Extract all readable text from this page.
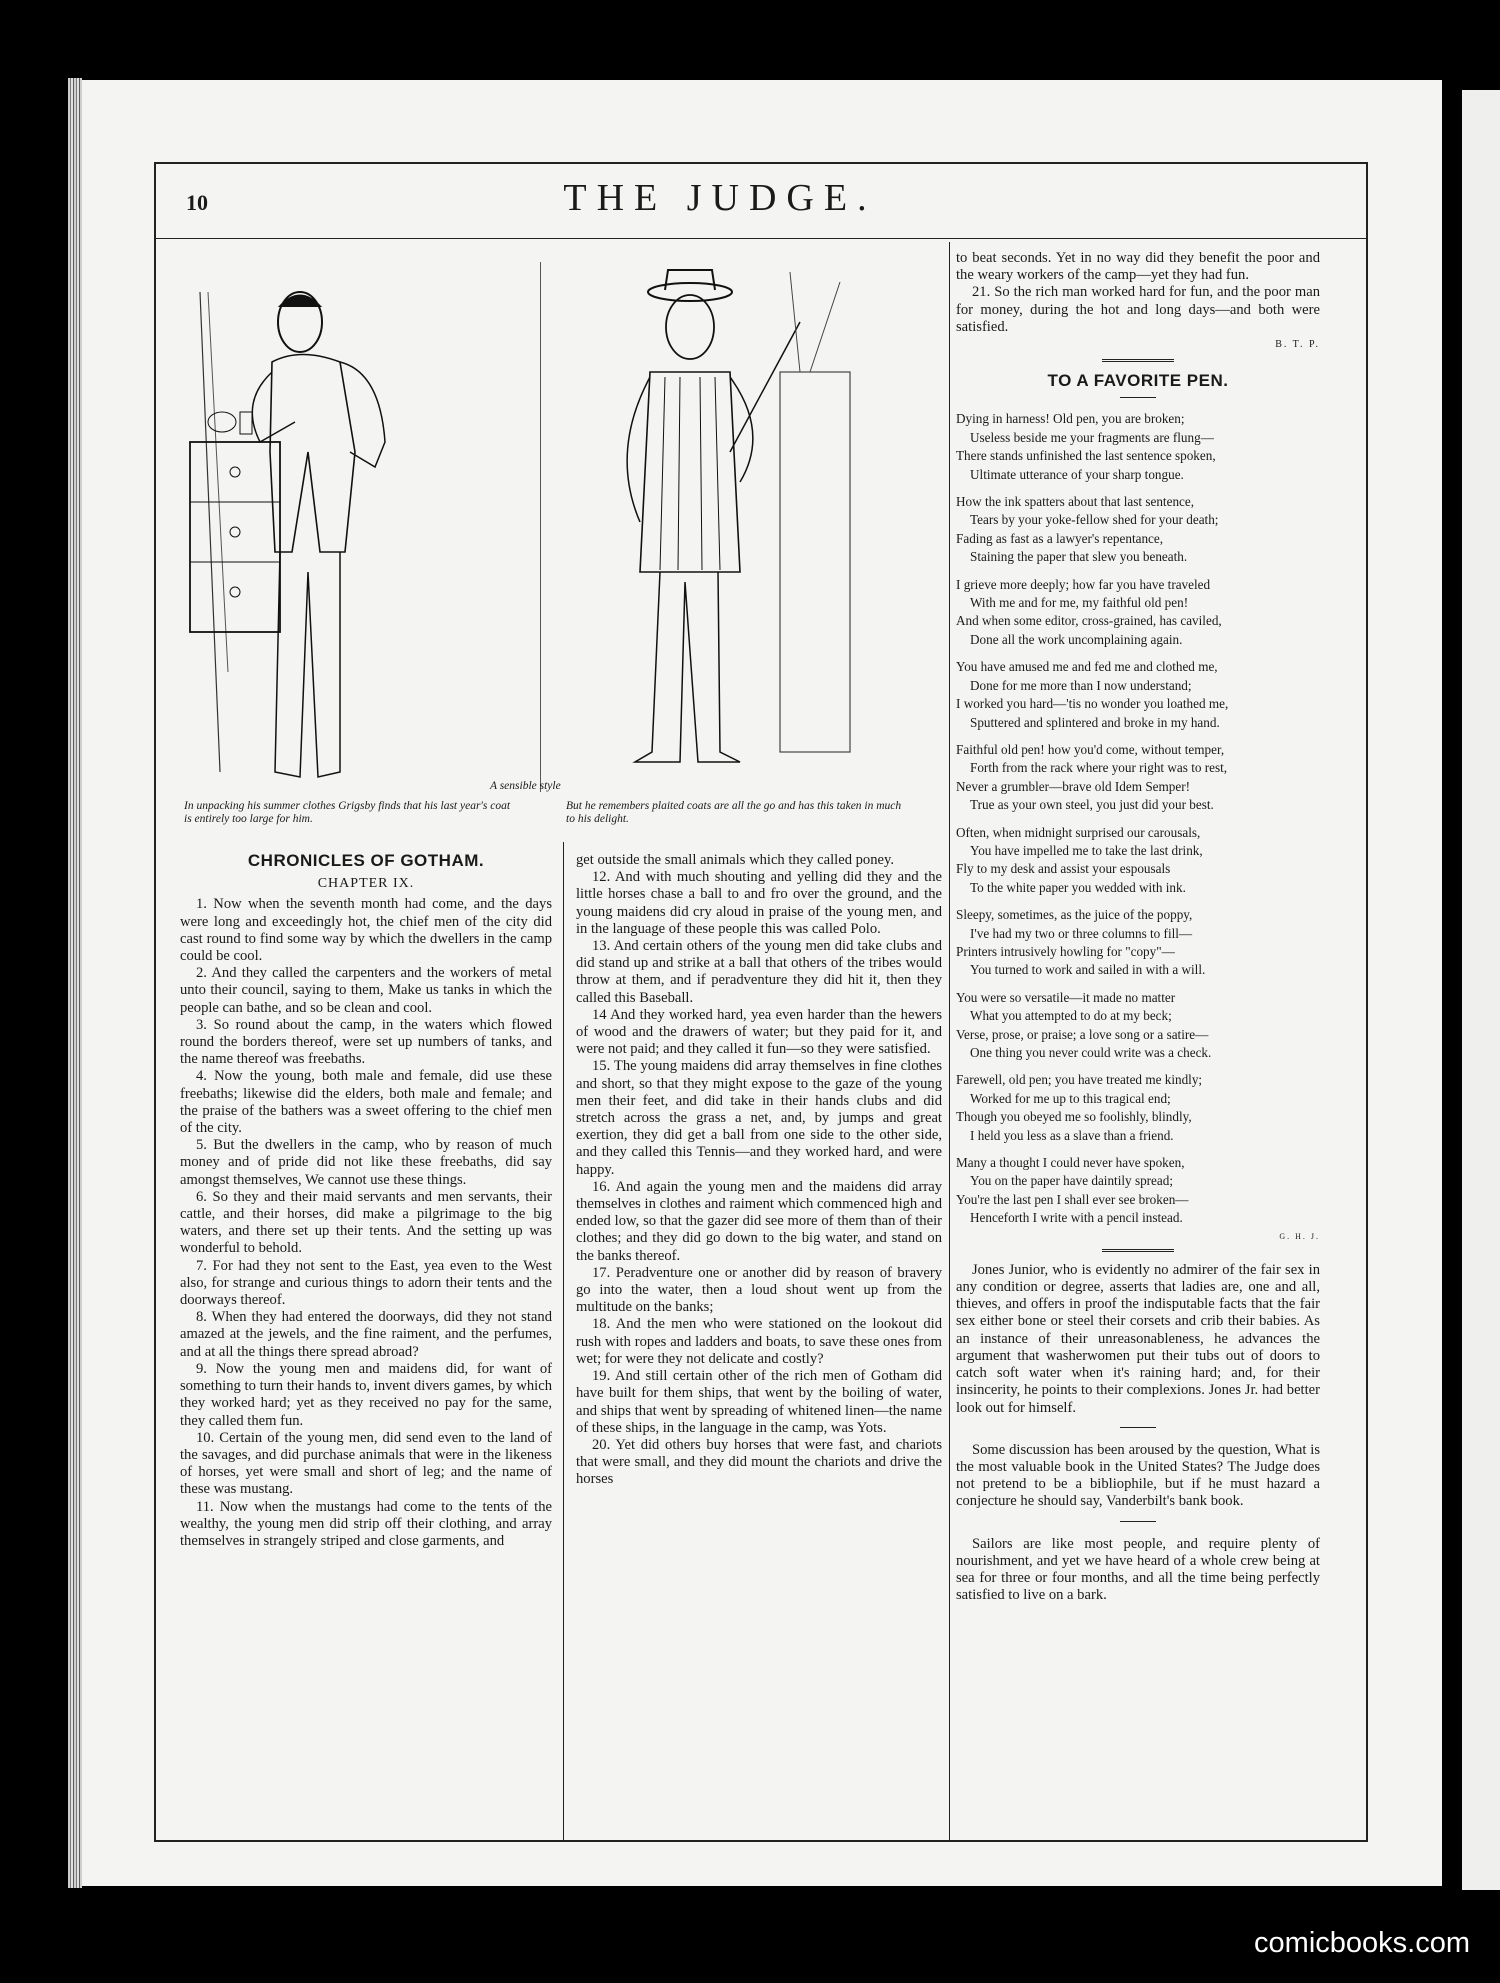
10	THE JUDGE.
In unpacking his summer clothes Grigsby finds that his last year's coat is entirely too large for him.
A sensible style
But he remembers plaited coats are all the go and has this taken in much to his delight.
CHRONICLES OF GOTHAM.
CHAPTER IX.

1. Now when the seventh month had come, and the days were long and exceedingly hot, the chief men of the city did cast round to find some way by which the dwellers in the camp could be cool.

2. And they called the carpenters and the workers of metal unto their council, saying to them, Make us tanks in which the people can bathe, and so be clean and cool.

3. So round about the camp, in the waters which flowed round the borders thereof, were set up numbers of tanks, and the name thereof was freebaths.

4. Now the young, both male and female, did use these freebaths; likewise did the elders, both male and female; and the praise of the bathers was a sweet offering to the chief men of the city.

5. But the dwellers in the camp, who by reason of much money and of pride did not like these freebaths, did say amongst themselves, We cannot use these things.

6. So they and their maid servants and men servants, their cattle, and their horses, did make a pilgrimage to the big waters, and there set up their tents. And the setting up was wonderful to behold.

7. For had they not sent to the East, yea even to the West also, for strange and curious things to adorn their tents and the doorways thereof.

8. When they had entered the doorways, did they not stand amazed at the jewels, and the fine raiment, and the perfumes, and at all the things there spread abroad?

9. Now the young men and maidens did, for want of something to turn their hands to, invent divers games, by which they worked hard; yet as they received no pay for the same, they called them fun.

10. Certain of the young men, did send even to the land of the savages, and did purchase animals that were in the likeness of horses, yet were small and short of leg; and the name of these was mustang.

11. Now when the mustangs had come to the tents of the wealthy, the young men did strip off their clothing, and array themselves in strangely striped and close garments, and

get outside the small animals which they called poney.

12. And with much shouting and yelling did they and the little horses chase a ball to and fro over the ground, and the young maidens did cry aloud in praise of the young men, and in the language of these people this was called Polo.

13. And certain others of the young men did take clubs and did stand up and strike at a ball that others of the tribes would throw at them, and if peradventure they did hit it, then they called this Baseball.

14 And they worked hard, yea even harder than the hewers of wood and the drawers of water; but they paid for it, and were not paid; and they called it fun—so they were satisfied.

15. The young maidens did array themselves in fine clothes and short, so that they might expose to the gaze of the young men their feet, and did take in their hands clubs and did stretch across the grass a net, and, by jumps and great exertion, they did get a ball from one side to the other side, and they called this Tennis—and they worked hard, and were happy.

16. And again the young men and the maidens did array themselves in clothes and raiment which commenced high and ended low, so that the gazer did see more of them than of their clothes; and they did go down to the big water, and stand on the banks thereof.

17. Peradventure one or another did by reason of bravery go into the water, then a loud shout went up from the multitude on the banks;

18. And the men who were stationed on the lookout did rush with ropes and ladders and boats, to save these ones from wet; for were they not delicate and costly?

19. And still certain other of the rich men of Gotham did have built for them ships, that went by the boiling of water, and ships that went by spreading of whitened linen—the name of these ships, in the language in the camp, was Yots.

20. Yet did others buy horses that were fast, and chariots that were small, and they did mount the chariots and drive the horses

to beat seconds. Yet in no way did they benefit the poor and the weary workers of the camp—yet they had fun.

21. So the rich man worked hard for fun, and the poor man for money, during the hot and long days—and both were satisfied.

B. T. P.
TO A FAVORITE PEN.
Dying in harness! Old pen, you are broken;
Useless beside me your fragments are flung—
There stands unfinished the last sentence spoken,
Ultimate utterance of your sharp tongue.
How the ink spatters about that last sentence,
Tears by your yoke-fellow shed for your death;
Fading as fast as a lawyer's repentance,
Staining the paper that slew you beneath.
I grieve more deeply; how far you have traveled
With me and for me, my faithful old pen!
And when some editor, cross-grained, has caviled,
Done all the work uncomplaining again.
You have amused me and fed me and clothed me,
Done for me more than I now understand;
I worked you hard—'tis no wonder you loathed me,
Sputtered and splintered and broke in my hand.
Faithful old pen! how you'd come, without temper,
Forth from the rack where your right was to rest,
Never a grumbler—brave old Idem Semper!
True as your own steel, you just did your best.
Often, when midnight surprised our carousals,
You have impelled me to take the last drink,
Fly to my desk and assist your espousals
To the white paper you wedded with ink.
Sleepy, sometimes, as the juice of the poppy,
I've had my two or three columns to fill—
Printers intrusively howling for "copy"—
You turned to work and sailed in with a will.
You were so versatile—it made no matter
What you attempted to do at my beck;
Verse, prose, or praise; a love song or a satire—
One thing you never could write was a check.
Farewell, old pen; you have treated me kindly;
Worked for me up to this tragical end;
Though you obeyed me so foolishly, blindly,
I held you less as a slave than a friend.
Many a thought I could never have spoken,
You on the paper have daintily spread;
You're the last pen I shall ever see broken—
Henceforth I write with a pencil instead.
G. H. J.

Jones Junior, who is evidently no admirer of the fair sex in any condition or degree, asserts that ladies are, one and all, thieves, and offers in proof the indisputable facts that the fair sex either bone or steel their corsets and crib their babies. As an instance of their unreasonableness, he advances the argument that washerwomen put their tubs out of doors to catch soft water when it's raining hard; and, for their insincerity, he points to their complexions. Jones Jr. had better look out for himself.

Some discussion has been aroused by the question, What is the most valuable book in the United States? The Judge does not pretend to be a bibliophile, but if he must hazard a conjecture he should say, Vanderbilt's bank book.

Sailors are like most people, and require plenty of nourishment, and yet we have heard of a whole crew being at sea for three or four months, and all the time being perfectly satisfied to live on a bark.

comicbooks.com
